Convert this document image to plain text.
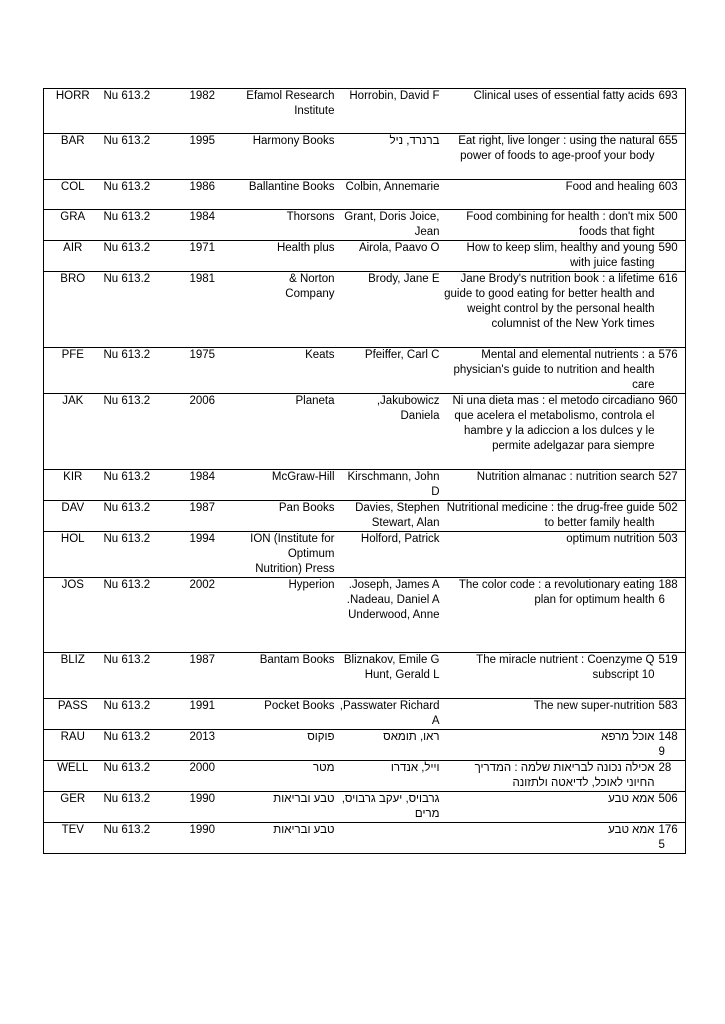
HORR	Nu 613.2	1982	Efamol Research Institute	Horrobin, David F	Clinical uses of essential fatty acids	693
BAR	Nu 613.2	1995	Harmony Books	ברנרד, ניל	Eat right, live longer : using the natural power of foods to age-proof your body	655
COL	Nu 613.2	1986	Ballantine Books	Colbin, Annemarie	Food and healing	603
GRA	Nu 613.2	1984	Thorsons	Grant, Doris Joice, Jean	Food combining for health : don't mix foods that fight	500
AIR	Nu 613.2	1971	Health plus	Airola, Paavo O	How to keep slim, healthy and young with juice fasting	590
BRO	Nu 613.2	1981	& Norton Company	Brody, Jane E	Jane Brody's nutrition book : a lifetime guide to good eating for better health and weight control by the personal health columnist of the New York times	616
PFE	Nu 613.2	1975	Keats	Pfeiffer, Carl C	Mental and elemental nutrients : a physician's guide to nutrition and health care	576
JAK	Nu 613.2	2006	Planeta	,Jakubowicz Daniela	Ni una dieta mas : el metodo circadiano que acelera el metabolismo, controla el hambre y la adiccion a los dulces y le permite adelgazar para siempre	960
KIR	Nu 613.2	1984	McGraw-Hill	Kirschmann, John D	Nutrition almanac : nutrition search	527
DAV	Nu 613.2	1987	Pan Books	Davies, Stephen Stewart, Alan	Nutritional medicine : the drug-free guide to better family health	502
HOL	Nu 613.2	1994	ION (Institute for Optimum Nutrition) Press	Holford, Patrick	optimum nutrition	503
JOS	Nu 613.2	2002	Hyperion	.Joseph, James A .Nadeau, Daniel A Underwood, Anne	The color code : a revolutionary eating plan for optimum health	1886
BLIZ	Nu 613.2	1987	Bantam Books	Bliznakov, Emile G Hunt, Gerald L	The miracle nutrient : Coenzyme Q subscript 10	519
PASS	Nu 613.2	1991	Pocket Books	,Passwater Richard A	The new super-nutrition	583
RAU	Nu 613.2	2013	פוקוס	ראו, תומאס	אוכל מרפא	1489
WELL	Nu 613.2	2000	מטר	וייל, אנדרו	אכילה נכונה לבריאות שלמה : המדריך החיוני לאוכל, לדיאטה ולתזונה	28
GER	Nu 613.2	1990	טבע ובריאות	גרבויס, יעקב גרבויס, מרים	אמא טבע	506
TEV	Nu 613.2	1990	טבע ובריאות		אמא טבע	1765
